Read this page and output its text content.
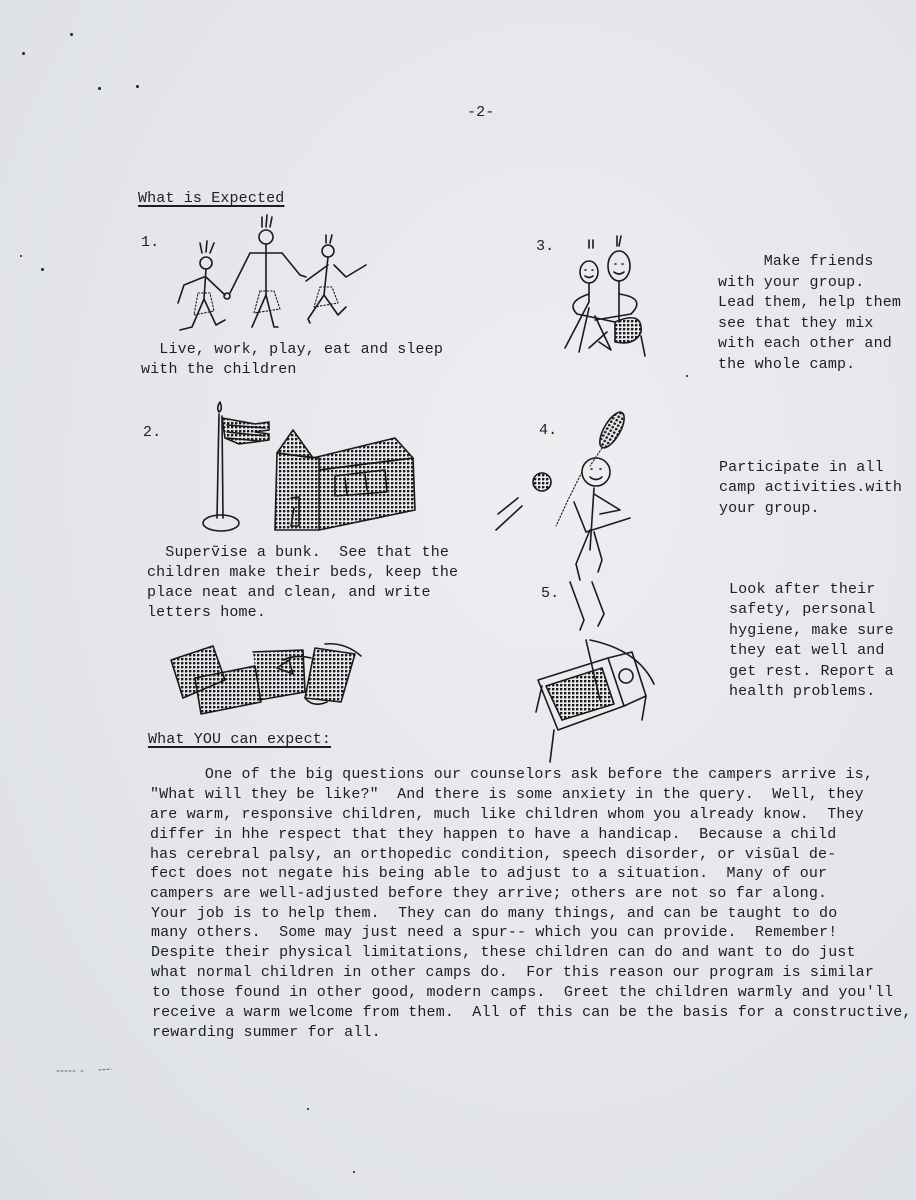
-2-
What is Expected
1.
Live, work, play, eat and sleep
with the children
2.
Superṽise a bunk.  See that the
children make their beds, keep the
place neat and clean, and write
letters home.
3.
Make friends
with your group.
Lead them, help them
see that they mix
with each other and
the whole camp.
4.
Participate in all
camp activities.with
your group.
5.	Look after their
safety, personal
hygiene, make sure
they eat well and
get rest. Report a
health problems.
What YOU can expect:
One of the big questions our counselors ask before the campers arrive is,
"What will they be like?"  And there is some anxiety in the query.  Well, they
are warm, responsive children, much like children whom you already know.  They
differ in hhe respect that they happen to have a handicap.  Because a child
has cerebral palsy, an orthopedic condition, speech disorder, or visũal de-
fect does not negate his being able to adjust to a situation.  Many of our
campers are well-adjusted before they arrive; others are not so far along.
Your job is to help them.  They can do many things, and can be taught to do
many others.  Some may just need a spur-- which you can provide.  Remember!
Despite their physical limitations, these children can do and want to do just
what normal children in other camps do.  For this reason our program is similar
to those found in other good, modern camps.  Greet the children warmly and you'll
receive a warm welcome from them.  All of this can be the basis for a constructive,
rewarding summer for all.
